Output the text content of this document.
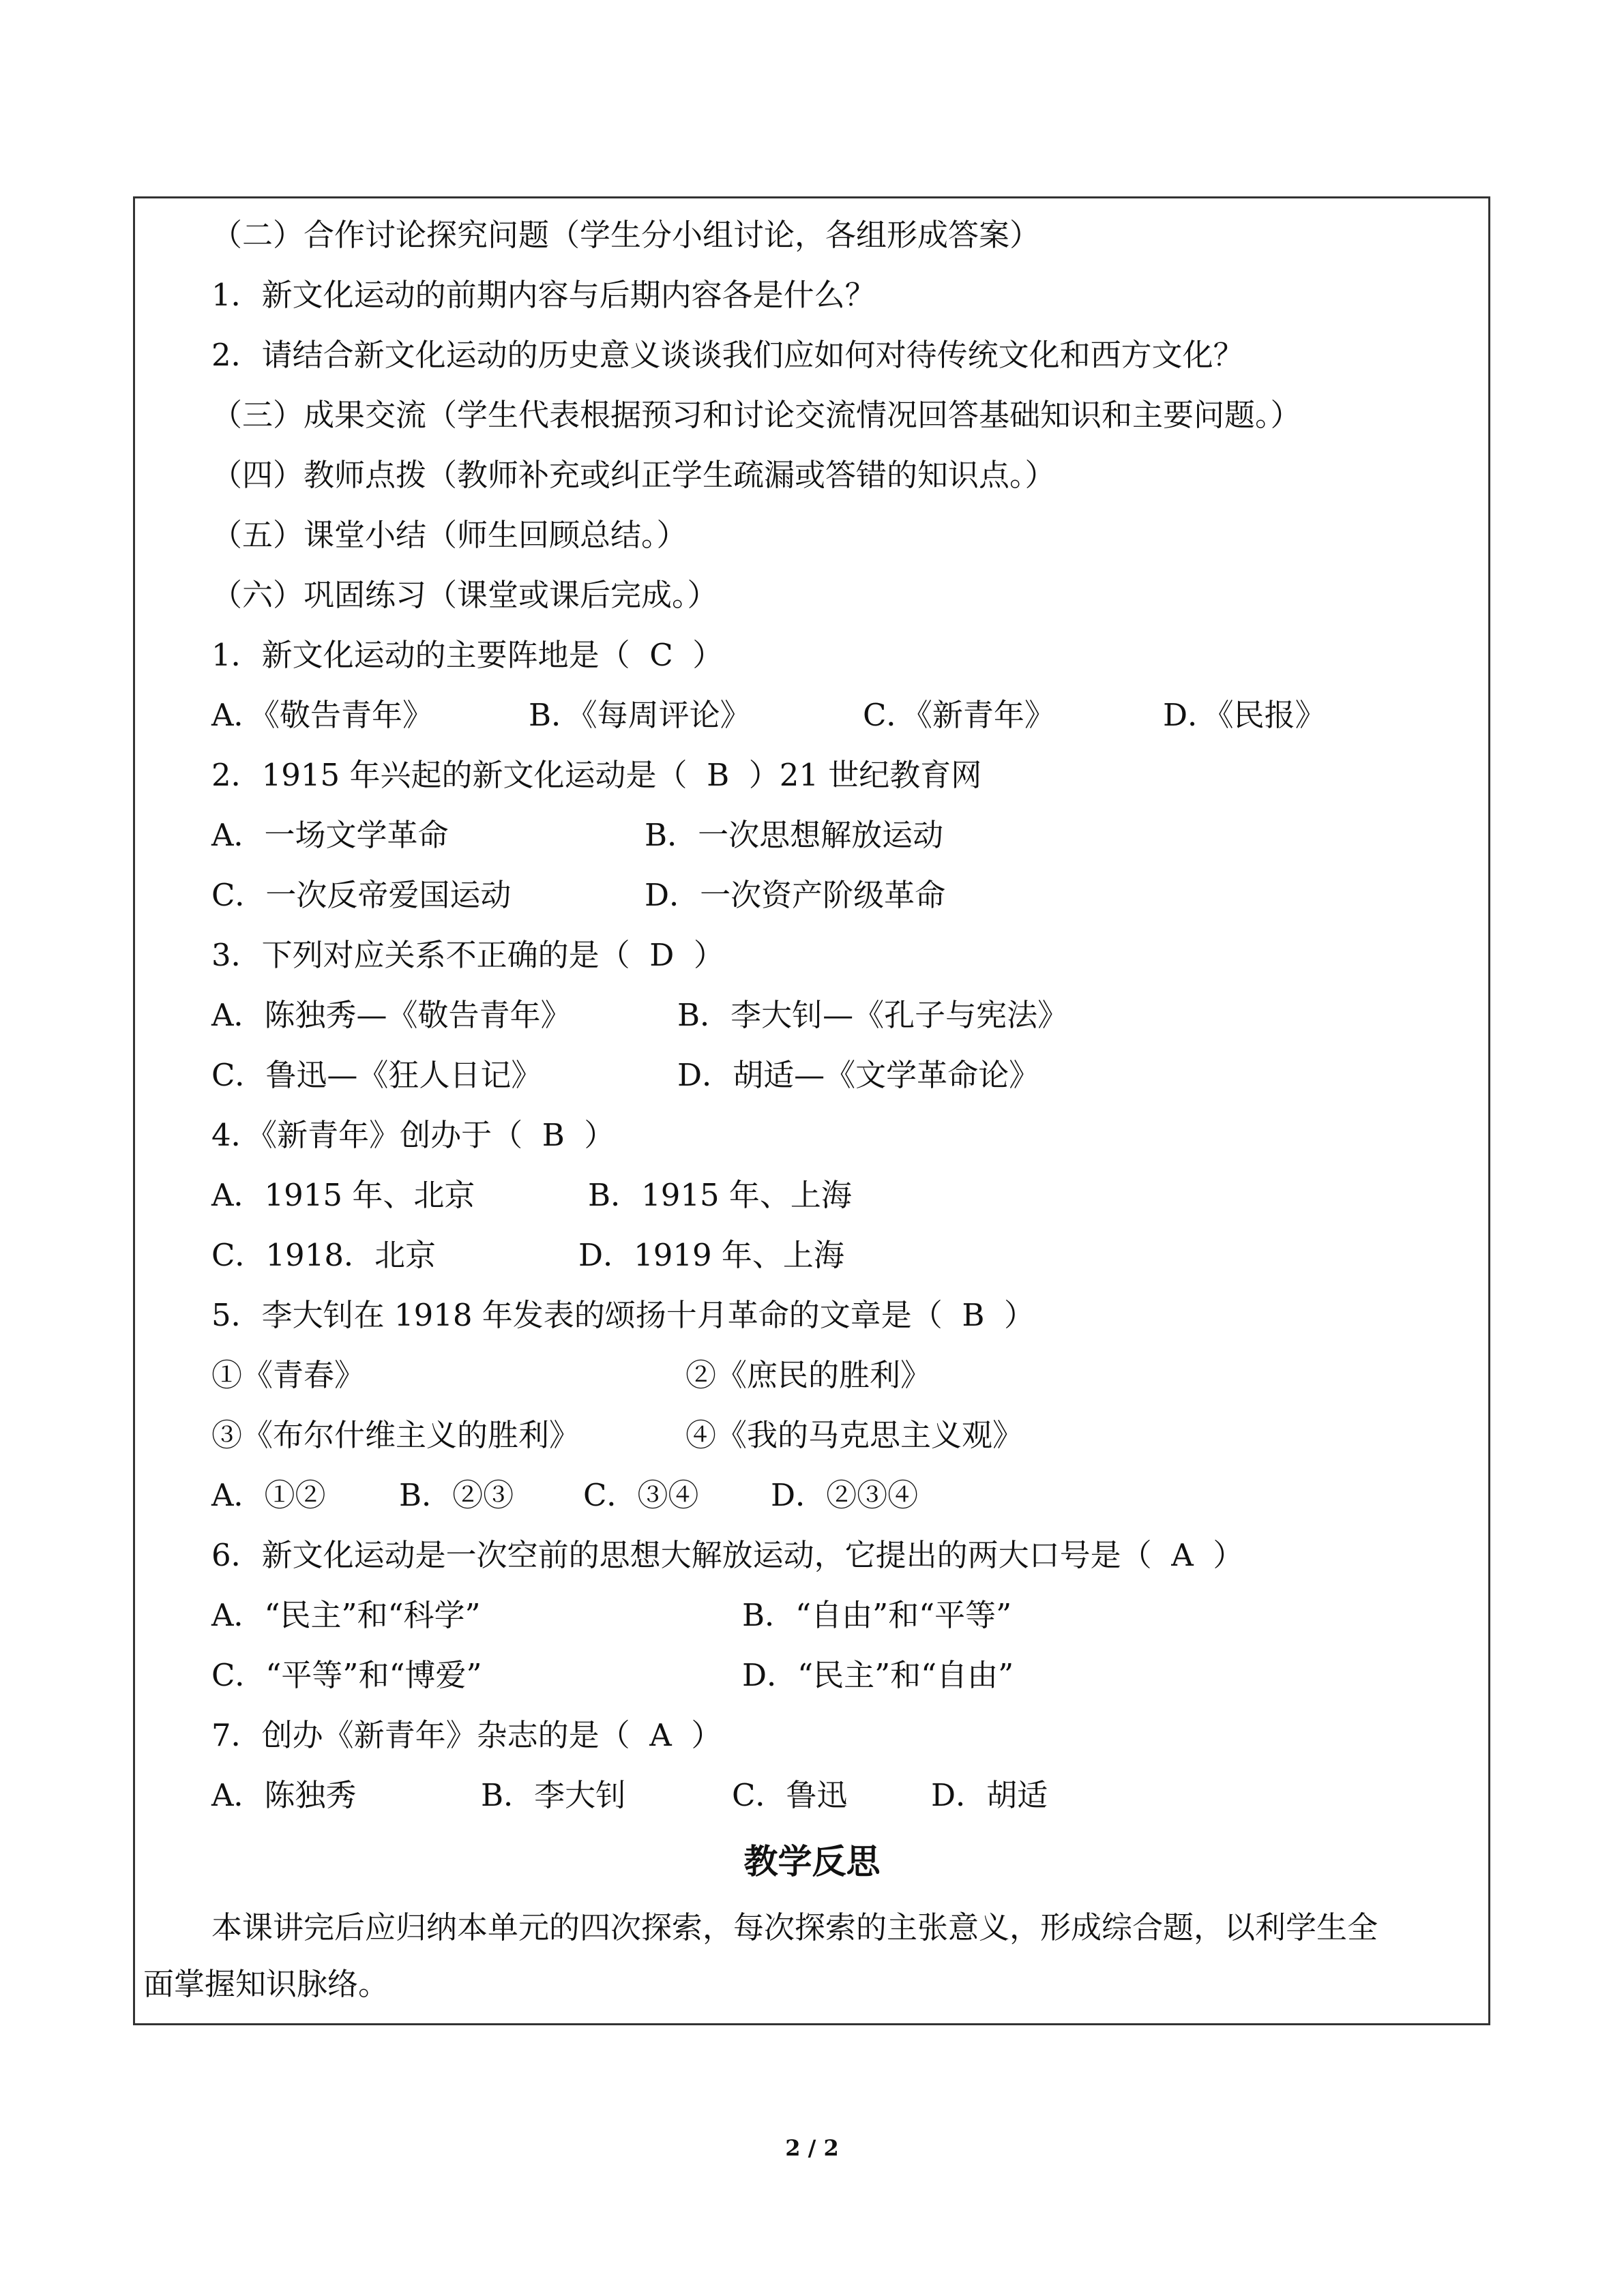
（二）合作讨论探究问题（学生分小组讨论，各组形成答案）
1．新文化运动的前期内容与后期内容各是什么？
2．请结合新文化运动的历史意义谈谈我们应如何对待传统文化和西方文化？
（三）成果交流（学生代表根据预习和讨论交流情况回答基础知识和主要问题。）
（四）教师点拨（教师补充或纠正学生疏漏或答错的知识点。）
（五）课堂小结（师生回顾总结。）
（六）巩固练习（课堂或课后完成。）
1．新文化运动的主要阵地是（  C  ）
A．《敬告青年》	B．《每周评论》	C．《新青年》	D．《民报》
2．1915 年兴起的新文化运动是（  B  ）21 世纪教育网
A．一场文学革命	B．一次思想解放运动
C．一次反帝爱国运动	D．一次资产阶级革命
3．下列对应关系不正确的是（  D  ）
A．陈独秀—《敬告青年》	B．李大钊—《孔子与宪法》
C．鲁迅—《狂人日记》	D．胡适—《文学革命论》
4．《新青年》创办于（  B  ）
A．1915 年、北京	B．1915 年、上海
C．1918．北京	D．1919 年、上海
5．李大钊在 1918 年发表的颂扬十月革命的文章是（  B  ）
①《青春》	②《庶民的胜利》
③《布尔什维主义的胜利》	④《我的马克思主义观》
A．①② B．②③ C．③④ D．②③④
6．新文化运动是一次空前的思想大解放运动，它提出的两大口号是（  A  ）
A．“民主”和“科学”	B．“自由”和“平等”
C．“平等”和“博爱”	D．“民主”和“自由”
7．创办《新青年》杂志的是（  A  ）
A．陈独秀	B．李大钊	C．鲁迅	D．胡适
教学反思
本课讲完后应归纳本单元的四次探索，每次探索的主张意义，形成综合题，以利学生全
面掌握知识脉络。
2 / 2
